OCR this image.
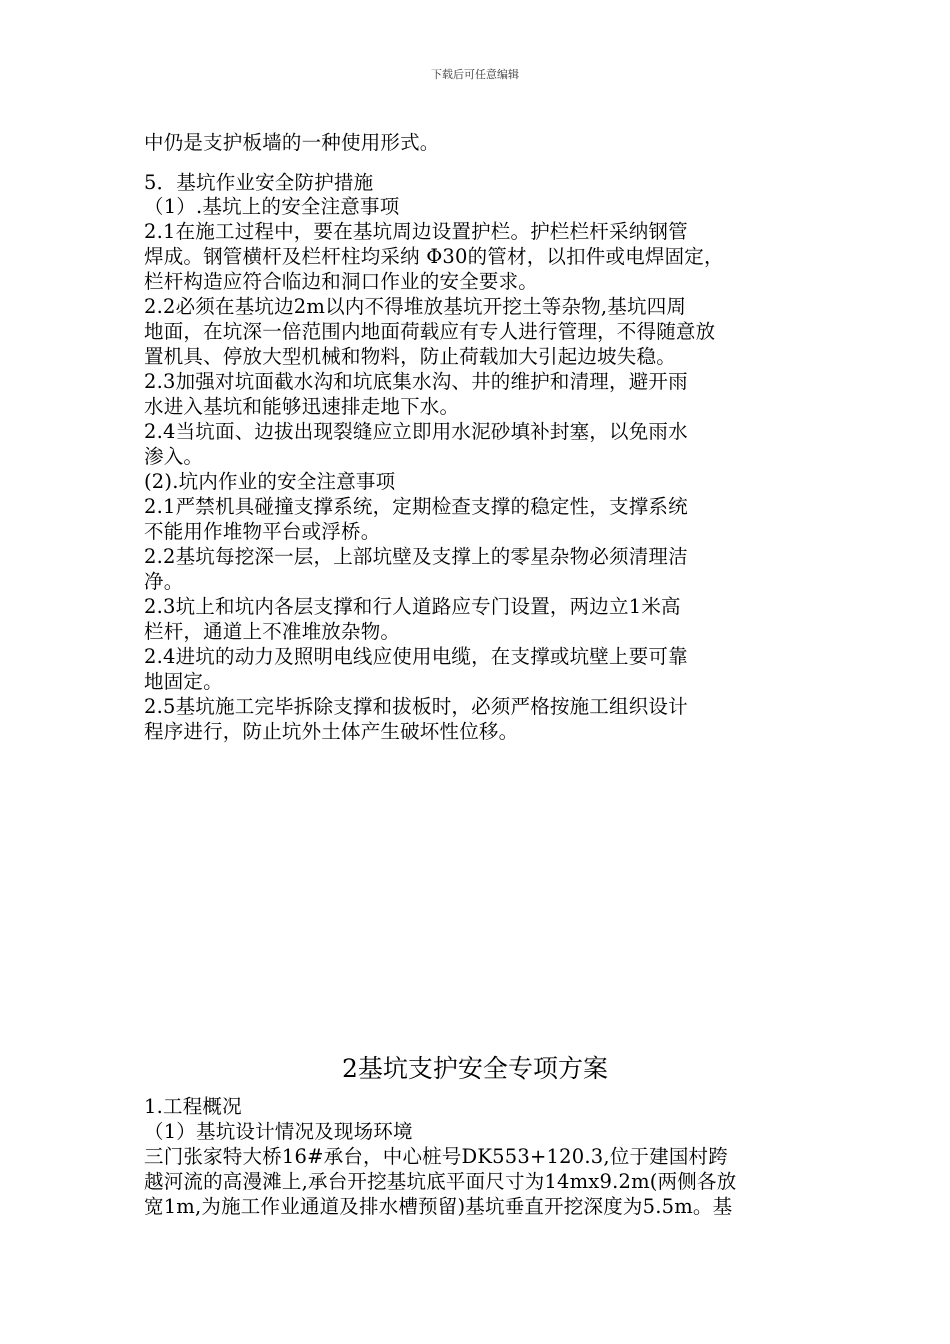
下载后可任意编辑
中仍是支护板墙的一种使用形式。
5．基坑作业安全防护措施
（1）.基坑上的安全注意事项
2.1在施工过程中，要在基坑周边设置护栏。护栏栏杆采纳钢管
焊成。钢管横杆及栏杆柱均采纳 Φ30的管材，以扣件或电焊固定，
栏杆构造应符合临边和洞口作业的安全要求。
2.2必须在基坑边2m以内不得堆放基坑开挖土等杂物,基坑四周
地面，在坑深一倍范围内地面荷载应有专人进行管理，不得随意放
置机具、停放大型机械和物料，防止荷载加大引起边坡失稳。
2.3加强对坑面截水沟和坑底集水沟、井的维护和清理，避开雨
水进入基坑和能够迅速排走地下水。
2.4当坑面、边拔出现裂缝应立即用水泥砂填补封塞，以免雨水
渗入。
(2).坑内作业的安全注意事项
2.1严禁机具碰撞支撑系统，定期检查支撑的稳定性，支撑系统
不能用作堆物平台或浮桥。
2.2基坑每挖深一层，上部坑壁及支撑上的零星杂物必须清理洁
净。
2.3坑上和坑内各层支撑和行人道路应专门设置，两边立1米高
栏杆，通道上不准堆放杂物。
2.4进坑的动力及照明电线应使用电缆，在支撑或坑壁上要可靠
地固定。
2.5基坑施工完毕拆除支撑和拔板时，必须严格按施工组织设计
程序进行，防止坑外土体产生破坏性位移。
2基坑支护安全专项方案
1.工程概况
（1）基坑设计情况及现场环境
三门张家特大桥16#承台，中心桩号DK553+120.3,位于建国村跨
越河流的高漫滩上,承台开挖基坑底平面尺寸为14mx9.2m(两侧各放
宽1m,为施工作业通道及排水槽预留)基坑垂直开挖深度为5.5m。基
